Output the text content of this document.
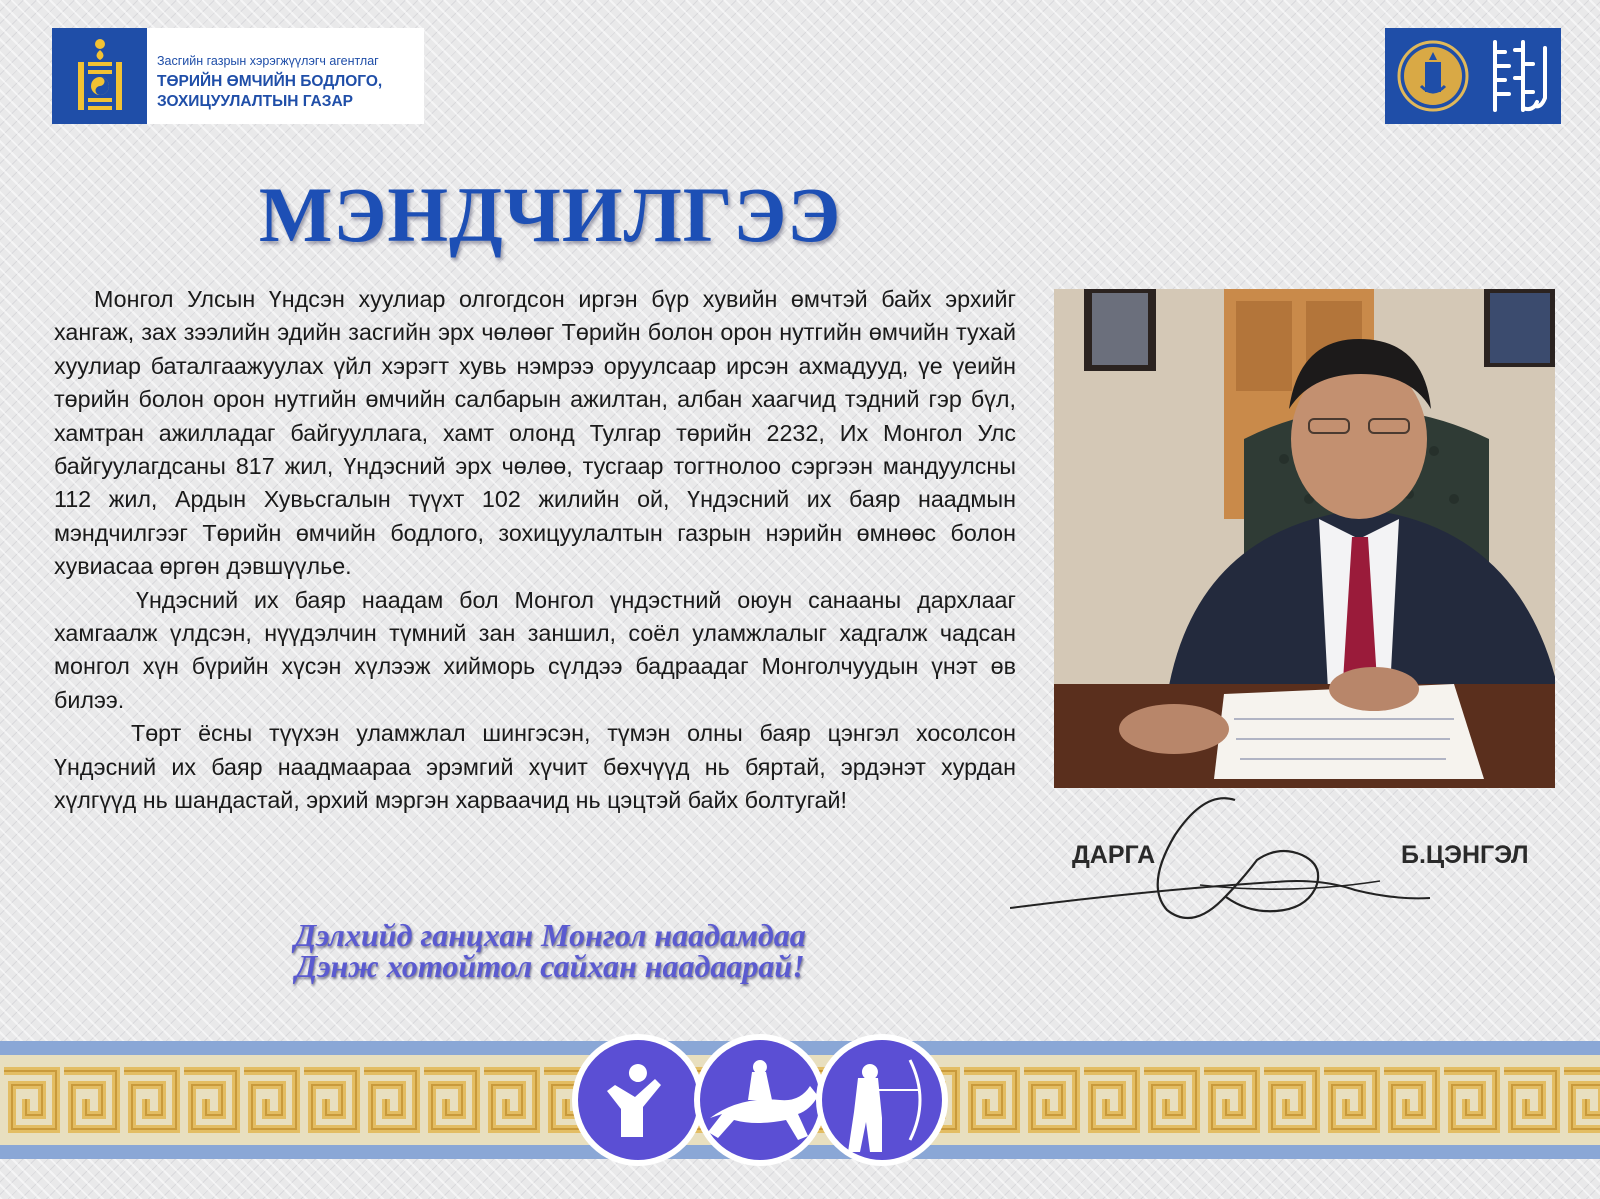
Засгийн газрын хэрэгжүүлэгч агентлаг
ТӨРИЙН ӨМЧИЙН БОДЛОГО,
ЗОХИЦУУЛАЛТЫН ГАЗАР
МЭНДЧИЛГЭЭ

Монгол Улсын Үндсэн хуулиар олгогдсон иргэн бүр хувийн өмчтэй байх эрхийг хангаж, зах зээлийн эдийн засгийн эрх чөлөөг Төрийн болон орон нутгийн өмчийн тухай хуулиар баталгаажуулах үйл хэрэгт хувь нэмрээ оруулсаар ирсэн ахмадууд, үе үеийн төрийн болон орон нутгийн өмчийн салбарын ажилтан, албан хаагчид тэдний гэр бүл, хамтран ажилладаг байгууллага, хамт олонд Тулгар төрийн 2232, Их Монгол Улс байгуулагдсаны 817 жил, Үндэсний эрх чөлөө, тусгаар тогтнолоо сэргээн мандуулсны 112 жил, Ардын Хувьсгалын түүхт 102 жилийн ой, Үндэсний их баяр наадмын мэндчилгээг Төрийн өмчийн бодлого, зохицуулалтын газрын нэрийн өмнөөс болон хувиасаа өргөн дэвшүүлье.

Үндэсний их баяр наадам бол Монгол үндэстний оюун санааны дархлааг хамгаалж үлдсэн, нүүдэлчин түмний зан заншил, соёл уламжлалыг хадгалж чадсан монгол хүн бүрийн хүсэн хүлээж хийморь сүлдээ бадраадаг Монголчуудын үнэт өв билээ.

Төрт ёсны түүхэн уламжлал шингэсэн, түмэн олны баяр цэнгэл хосолсон Үндэсний их баяр наадмаараа эрэмгий хүчит бөхчүүд нь бяртай, эрдэнэт хурдан хүлгүүд нь шандастай, эрхий мэргэн харваачид нь цэцтэй байх болтугай!

ДАРГА	Б.ЦЭНГЭЛ
Дэлхийд ганцхан Монгол наадамдаа
Дэнж хотойтол сайхан наадаарай!
